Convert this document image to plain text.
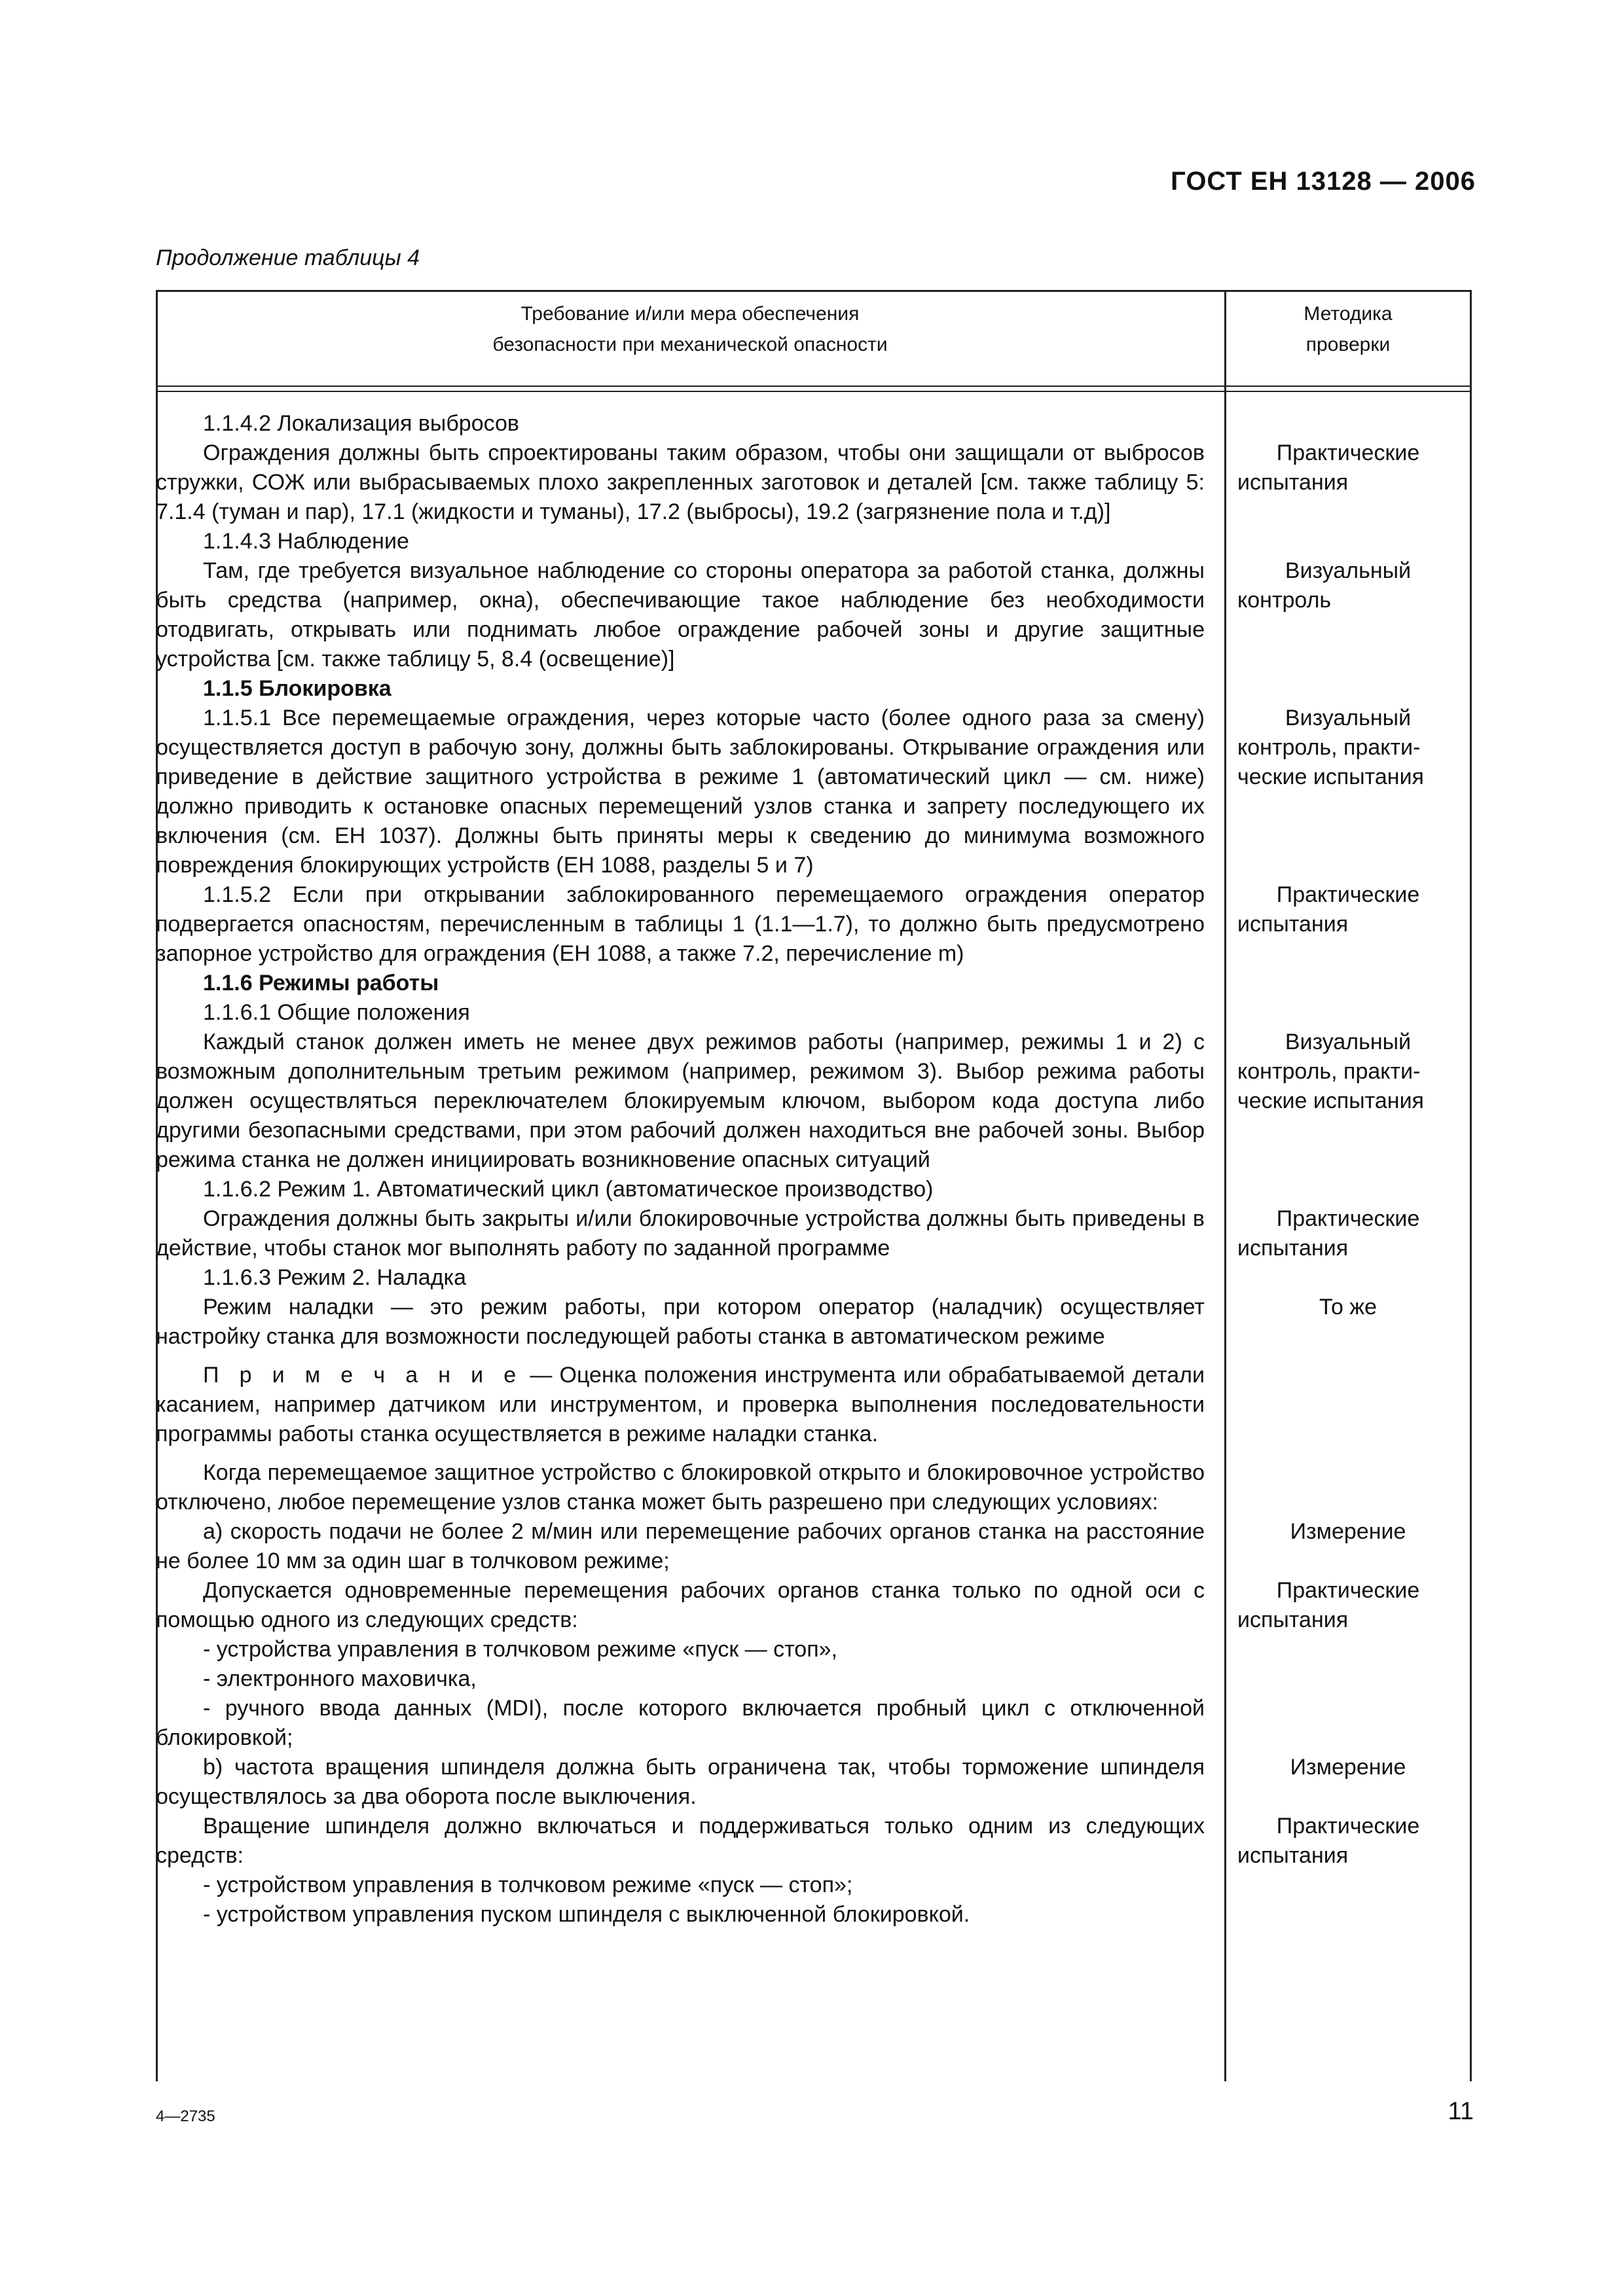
ГОСТ ЕН 13128 — 2006
Продолжение таблицы 4
Требование и/или мера обеспечения
безопасности при механической опасности
Методика
проверки
1.1.4.2 Локализация выбросов
Ограждения должны быть спроектированы таким образом, чтобы они защищали от выбросов стружки, СОЖ или выбрасываемых плохо закрепленных заготовок и деталей [см. также таблицу 5: 7.1.4 (туман и пар), 17.1 (жидкости и туманы), 17.2 (выбросы), 19.2 (загрязнение пола и т.д)]
Практические
испытания
1.1.4.3 Наблюдение
Там, где требуется визуальное наблюдение со стороны оператора за работой станка, должны быть средства (например, окна), обеспечивающие такое наблюдение без необходимости отодвигать, открывать или поднимать любое ограждение рабочей зоны и другие защитные устройства [см. также таблицу 5, 8.4 (освещение)]
Визуальный
контроль
1.1.5 Блокировка
1.1.5.1 Все перемещаемые ограждения, через которые часто (более одного раза за смену) осуществляется доступ в рабочую зону, должны быть заблокированы. Открывание ограждения или приведение в действие защитного устройства в режиме 1 (автоматический цикл — см. ниже) должно приводить к остановке опасных перемещений узлов станка и запрету последующего их включения (см. ЕН 1037). Должны быть приняты меры к сведению до минимума возможного повреждения блокирующих устройств (ЕН 1088, разделы 5 и 7)
Визуальный
контроль, практи-
ческие испытания
1.1.5.2 Если при открывании заблокированного перемещаемого ограждения оператор подвергается опасностям, перечисленным в таблицы 1 (1.1—1.7), то должно быть предусмотрено запорное устройство для ограждения (ЕН 1088, а также 7.2, перечисление m)
Практические
испытания
1.1.6 Режимы работы
1.1.6.1 Общие положения
Каждый станок должен иметь не менее двух режимов работы (например, режимы 1 и 2) с возможным дополнительным третьим режимом (например, режимом 3). Выбор режима работы должен осуществляться переключателем блокируемым ключом, выбором кода доступа либо другими безопасными средствами, при этом рабочий должен находиться вне рабочей зоны. Выбор режима станка не должен инициировать возникновение опасных ситуаций
Визуальный
контроль, практи-
ческие испытания
1.1.6.2 Режим 1. Автоматический цикл (автоматическое производство)
Ограждения должны быть закрыты и/или блокировочные устройства должны быть приведены в действие, чтобы станок мог выполнять работу по заданной программе
Практические
испытания
1.1.6.3 Режим 2. Наладка
Режим наладки — это режим работы, при котором оператор (наладчик) осуществляет настройку станка для возможности последующей работы станка в автоматическом режиме
То же
П р и м е ч а н и е — Оценка положения инструмента или обрабатываемой детали касанием, например датчиком или инструментом, и проверка выполнения последовательности программы работы станка осуществляется в режиме наладки станка.
Когда перемещаемое защитное устройство с блокировкой открыто и блокировочное устройство отключено, любое перемещение узлов станка может быть разрешено при следующих условиях:
a) скорость подачи не более 2 м/мин или перемещение рабочих органов станка на расстояние не более 10 мм за один шаг в толчковом режиме;
Измерение
Допускается одновременные перемещения рабочих органов станка только по одной оси с помощью одного из следующих средств:
Практические
испытания
- устройства управления в толчковом режиме «пуск — стоп»,
- электронного маховичка,
- ручного ввода данных (MDI), после которого включается пробный цикл с отключенной блокировкой;
b) частота вращения шпинделя должна быть ограничена так, чтобы торможение шпинделя осуществлялось за два оборота после выключения.
Измерение
Вращение шпинделя должно включаться и поддерживаться только одним из следующих средств:
Практические
испытания
- устройством управления в толчковом режиме «пуск — стоп»;
- устройством управления пуском шпинделя с выключенной блокировкой.
4—2735	11
